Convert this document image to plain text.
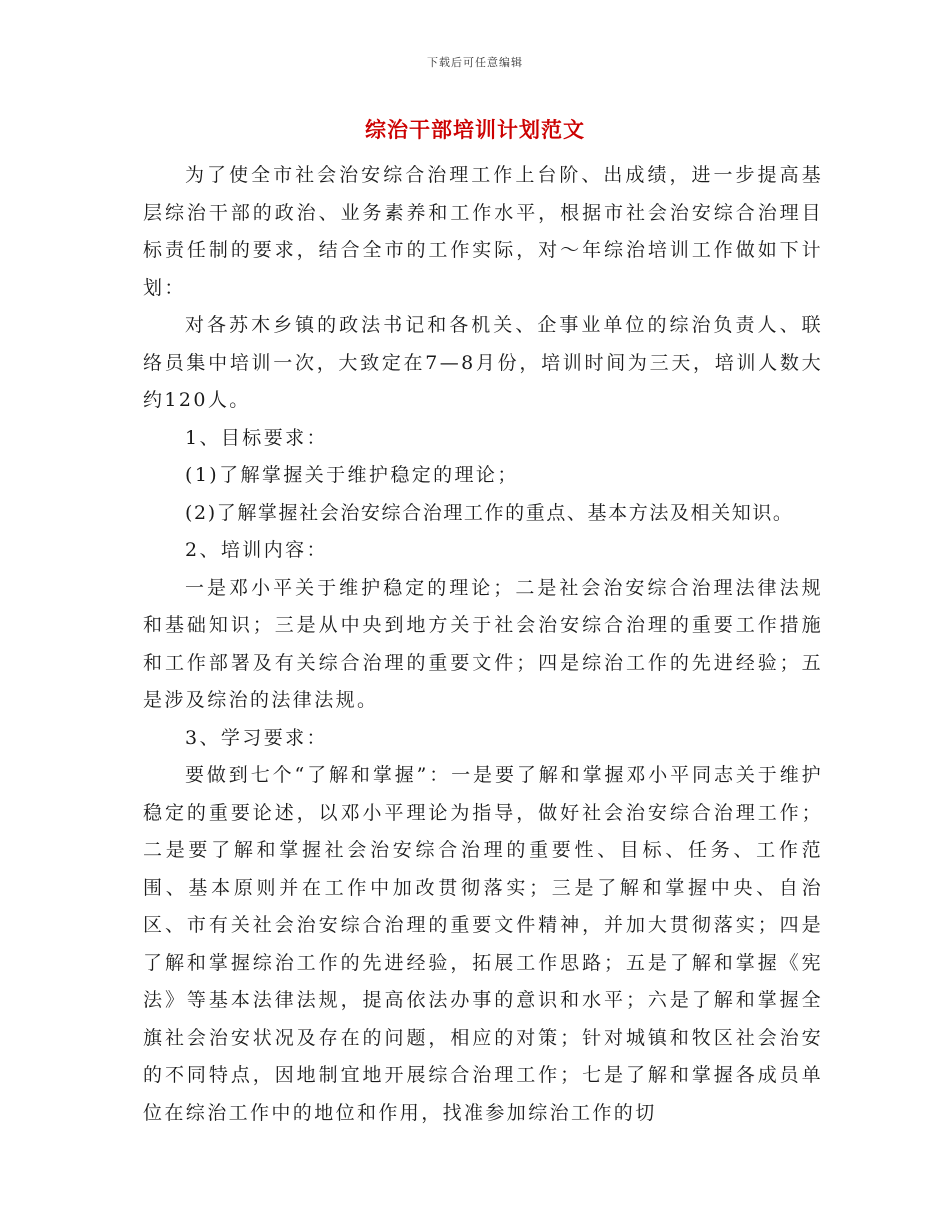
下载后可任意编辑
综治干部培训计划范文

为了使全市社会治安综合治理工作上台阶、出成绩，进一步提高基层综治干部的政治、业务素养和工作水平，根据市社会治安综合治理目标责任制的要求，结合全市的工作实际，对～年综治培训工作做如下计划：

对各苏木乡镇的政法书记和各机关、企事业单位的综治负责人、联络员集中培训一次，大致定在7—8月份，培训时间为三天，培训人数大约120人。

1、目标要求：

(1)了解掌握关于维护稳定的理论；

(2)了解掌握社会治安综合治理工作的重点、基本方法及相关知识。

2、培训内容：

一是邓小平关于维护稳定的理论；二是社会治安综合治理法律法规和基础知识；三是从中央到地方关于社会治安综合治理的重要工作措施和工作部署及有关综合治理的重要文件；四是综治工作的先进经验；五是涉及综治的法律法规。

3、学习要求：

要做到七个“了解和掌握”：一是要了解和掌握邓小平同志关于维护稳定的重要论述，以邓小平理论为指导，做好社会治安综合治理工作；二是要了解和掌握社会治安综合治理的重要性、目标、任务、工作范围、基本原则并在工作中加改贯彻落实；三是了解和掌握中央、自治区、市有关社会治安综合治理的重要文件精神，并加大贯彻落实；四是了解和掌握综治工作的先进经验，拓展工作思路；五是了解和掌握《宪法》等基本法律法规，提高依法办事的意识和水平；六是了解和掌握全旗社会治安状况及存在的问题，相应的对策；针对城镇和牧区社会治安的不同特点，因地制宜地开展综合治理工作；七是了解和掌握各成员单位在综治工作中的地位和作用，找准参加综治工作的切
